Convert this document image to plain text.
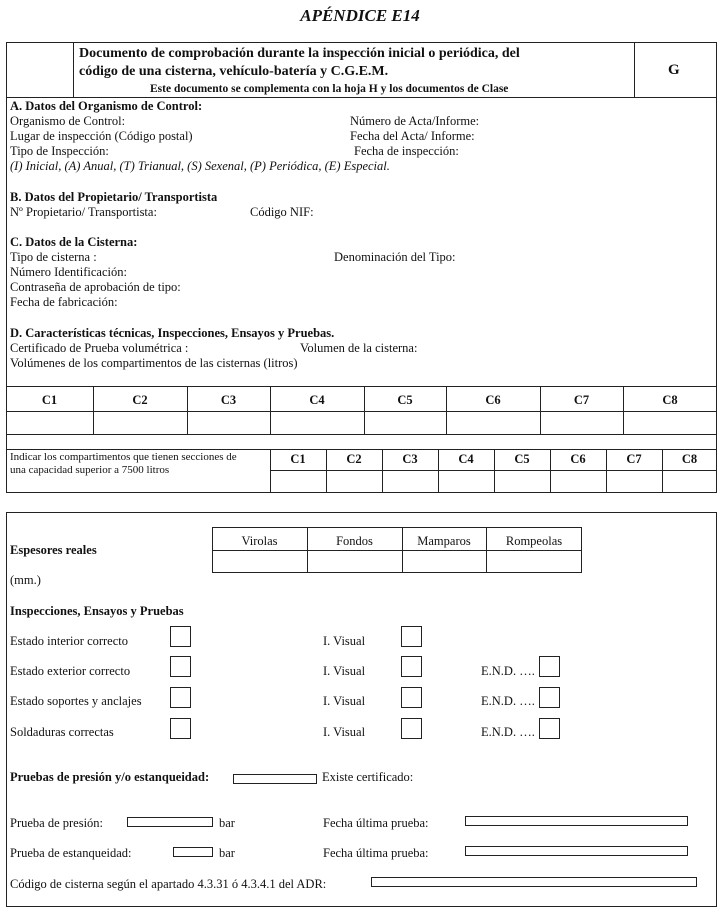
APÉNDICE E14
Documento de comprobación durante la inspección inicial o periódica, del
código de una cisterna, vehículo-batería y C.G.E.M.
Este documento se complementa con la hoja H y los documentos de Clase
G
A. Datos del Organismo de Control:
Organismo de Control:	Número de Acta/Informe:
Lugar de inspección (Código postal)	Fecha del Acta/ Informe:
Tipo de Inspección:	Fecha de inspección:
(I) Inicial, (A) Anual, (T) Trianual, (S) Sexenal, (P) Periódica, (E) Especial.
B. Datos del Propietario/ Transportista
Nº Propietario/ Transportista:	Código NIF:
C. Datos de la Cisterna:
Tipo de cisterna :	Denominación del Tipo:
Número Identificación:
Contraseña de aprobación de tipo:
Fecha de fabricación:
D. Características técnicas, Inspecciones, Ensayos y Pruebas.
Certificado de Prueba volumétrica :	Volumen de la cisterna:
Volúmenes de los compartimentos de las cisternas (litros)
C1	C2	C3	C4	C5	C6	C7	C8
Indicar los compartimentos que tienen secciones de
una capacidad superior a 7500 litros
C1	C2	C3	C4	C5	C6	C7	C8
Espesores reales
(mm.)
Virolas	Fondos	Mamparos	Rompeolas
Inspecciones, Ensayos y Pruebas
Estado interior correcto	I. Visual
Estado exterior correcto	I. Visual	E.N.D. ….
Estado soportes y anclajes	I. Visual	E.N.D. ….
Soldaduras correctas	I. Visual	E.N.D. ….
Pruebas de presión y/o estanqueidad:	Existe certificado:
Prueba de presión:	bar	Fecha última prueba:
Prueba de estanqueidad:	bar	Fecha última prueba:
Código de cisterna según el apartado 4.3.31 ó 4.3.4.1 del ADR:
